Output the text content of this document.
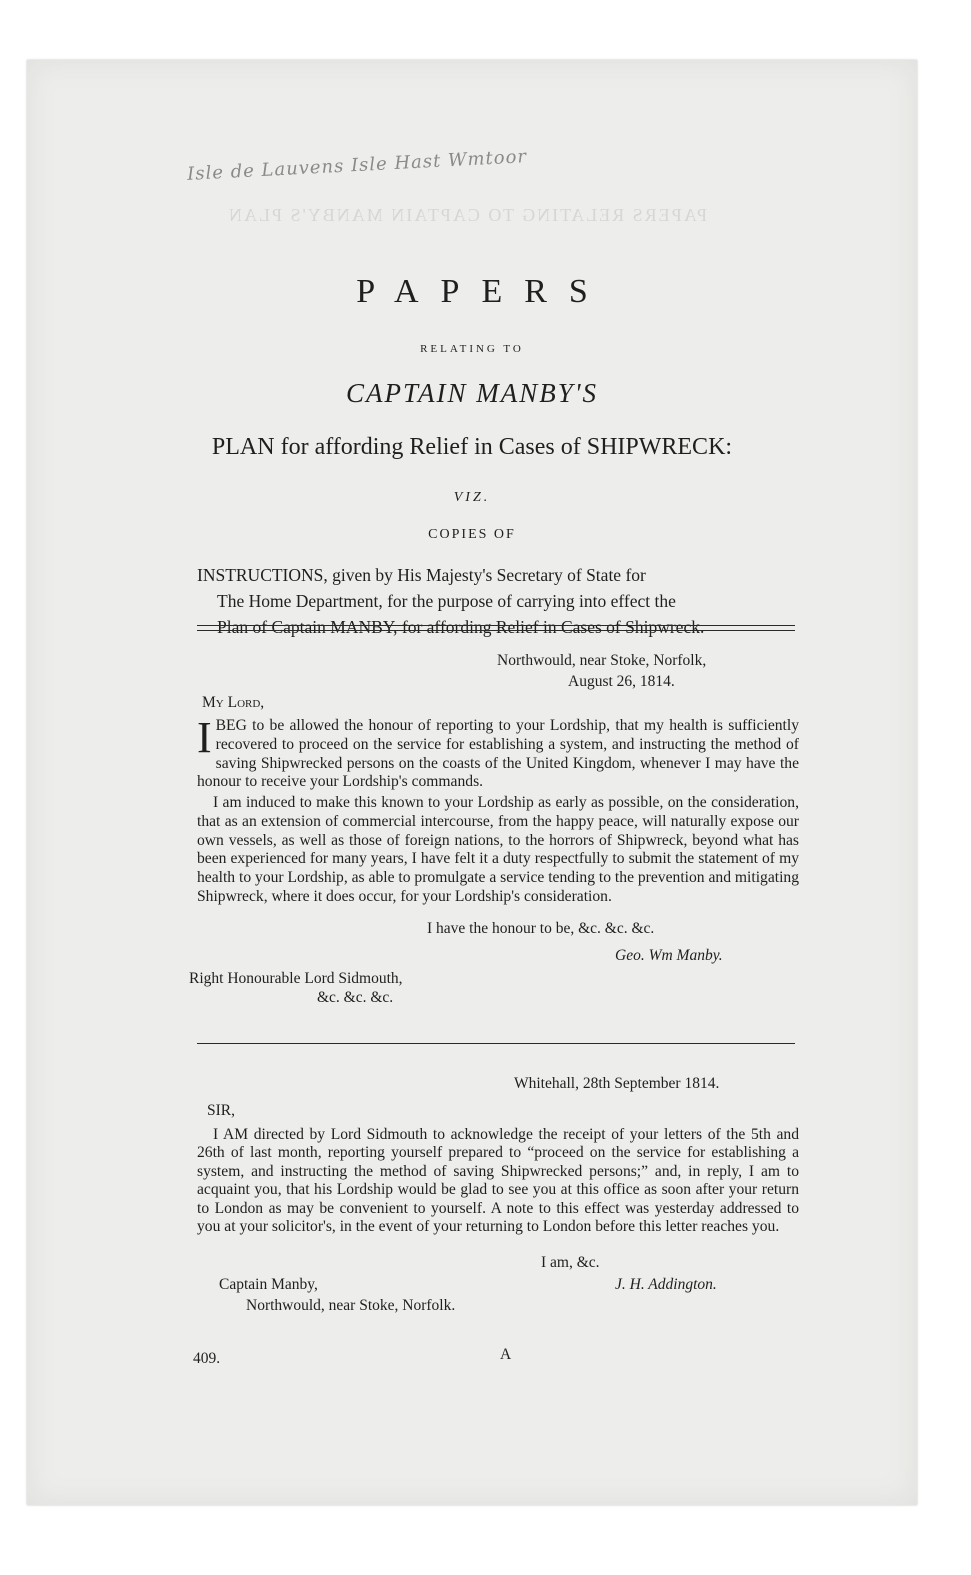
PAPERS RELATING TO CAPTAIN MANBY'S PLAN
Isle de Lauvens Isle Hast Wmtoor
PAPERS
RELATING TO
CAPTAIN MANBY'S
PLAN for affording Relief in Cases of SHIPWRECK:
VIZ.
COPIES OF
INSTRUCTIONS, given by His Majesty's Secretary of State for
The Home Department, for the purpose of carrying into effect the
Plan of Captain MANBY, for affording Relief in Cases of Shipwreck.
Northwould, near Stoke, Norfolk,
August 26, 1814.
My Lord,
IBEG to be allowed the honour of reporting to your Lordship, that my health is sufficiently recovered to proceed on the service for establishing a system, and instructing the method of saving Shipwrecked persons on the coasts of the United Kingdom, whenever I may have the honour to receive your Lordship's commands.
I am induced to make this known to your Lordship as early as possible, on the consideration, that as an extension of commercial intercourse, from the happy peace, will naturally expose our own vessels, as well as those of foreign nations, to the horrors of Shipwreck, beyond what has been experienced for many years, I have felt it a duty respectfully to submit the statement of my health to your Lordship, as able to promulgate a service tending to the prevention and mitigating Shipwreck, where it does occur, for your Lordship's consideration.
I have the honour to be, &c. &c. &c.
Geo. Wm Manby.
Right Honourable Lord Sidmouth,
&c. &c. &c.
Whitehall, 28th September 1814.
SIR,
I AM directed by Lord Sidmouth to acknowledge the receipt of your letters of the 5th and 26th of last month, reporting yourself prepared to “proceed on the service for establishing a system, and instructing the method of saving Shipwrecked persons;” and, in reply, I am to acquaint you, that his Lordship would be glad to see you at this office as soon after your return to London as may be convenient to yourself. A note to this effect was yesterday addressed to you at your solicitor's, in the event of your returning to London before this letter reaches you.
I am, &c.
Captain Manby,	J. H. Addington.
Northwould, near Stoke, Norfolk.
409.	A
